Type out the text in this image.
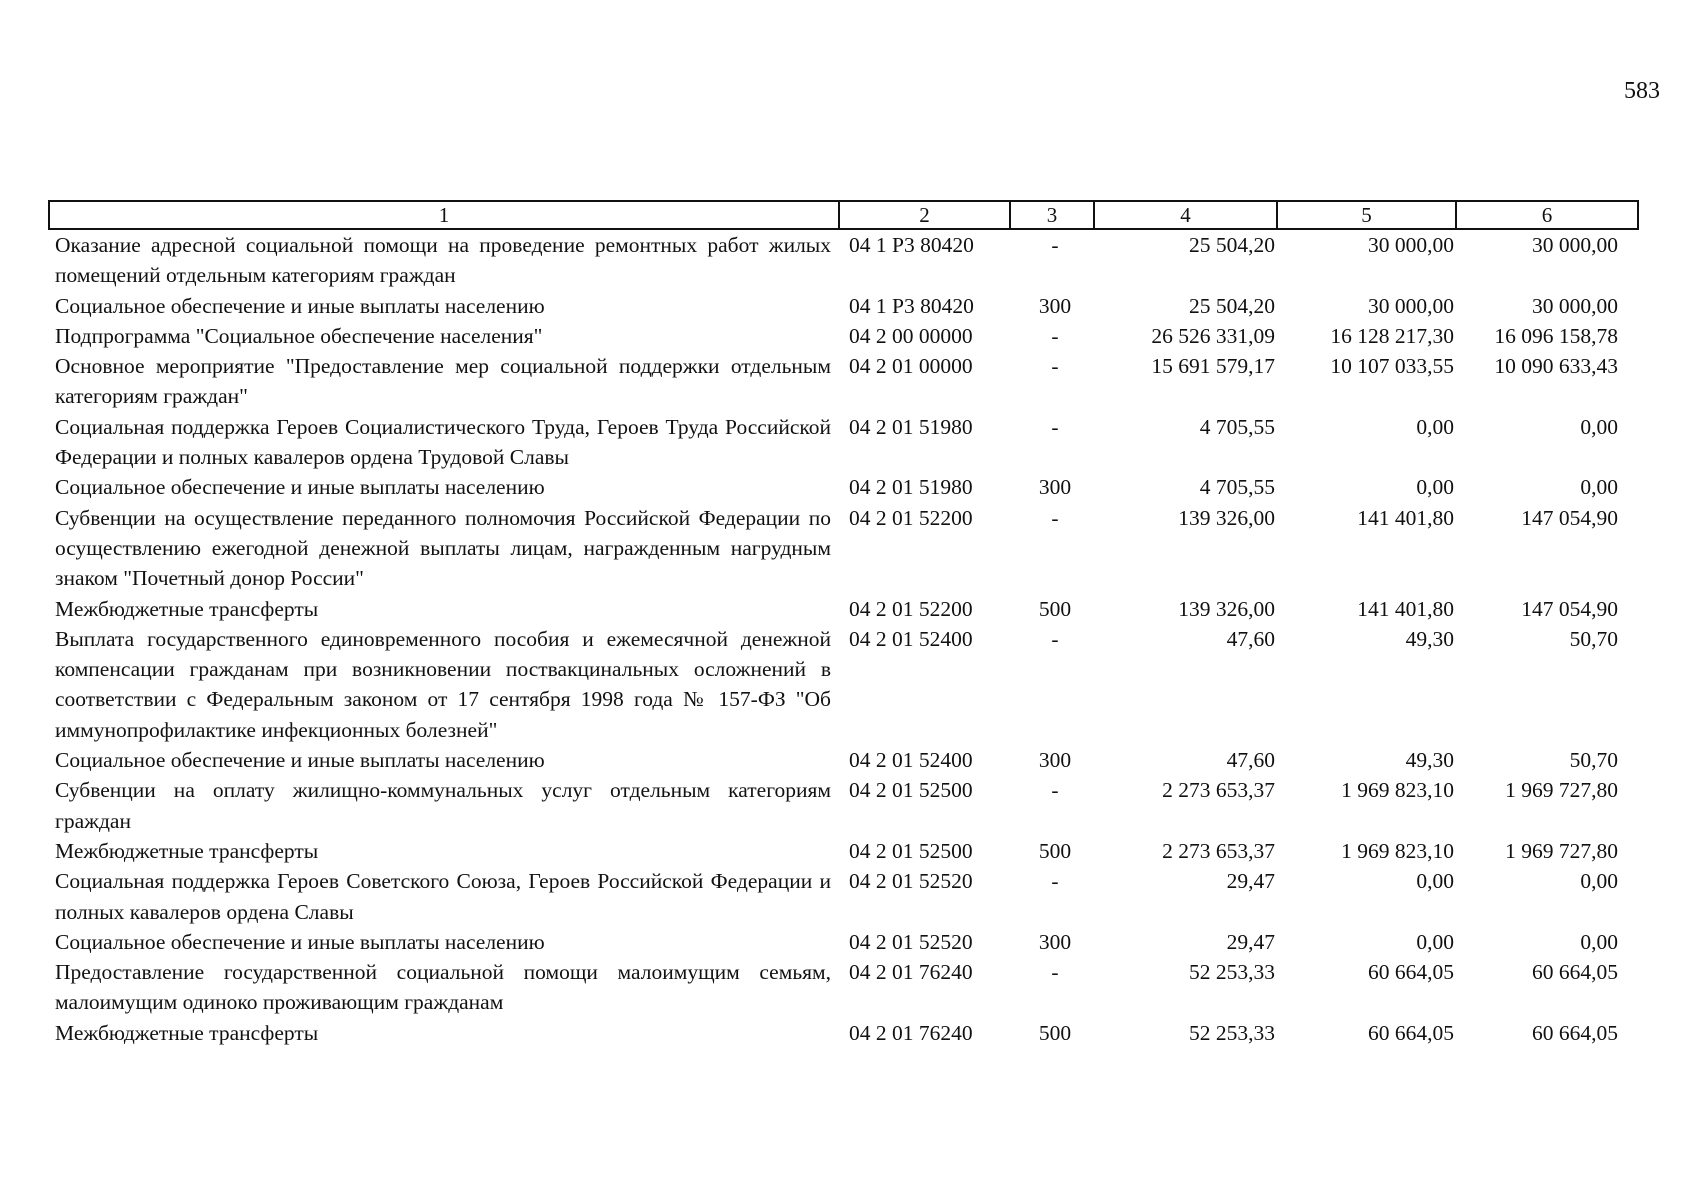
583
1	2	3	4	5	6
Оказание адресной социальной помощи на проведение ремонтных работ жилых помещений отдельным категориям граждан	04 1 P3 80420	-	25 504,20	30 000,00	30 000,00
Социальное обеспечение и иные выплаты населению	04 1 P3 80420	300	25 504,20	30 000,00	30 000,00
Подпрограмма "Социальное обеспечение населения"	04 2 00 00000	-	26 526 331,09	16 128 217,30	16 096 158,78
Основное мероприятие "Предоставление мер социальной поддержки отдельным категориям граждан"	04 2 01 00000	-	15 691 579,17	10 107 033,55	10 090 633,43
Социальная поддержка Героев Социалистического Труда, Героев Труда Российской Федерации и полных кавалеров ордена Трудовой Славы	04 2 01 51980	-	4 705,55	0,00	0,00
Социальное обеспечение и иные выплаты населению	04 2 01 51980	300	4 705,55	0,00	0,00
Субвенции на осуществление переданного полномочия Российской Федерации по осуществлению ежегодной денежной выплаты лицам, награжденным нагрудным знаком "Почетный донор России"	04 2 01 52200	-	139 326,00	141 401,80	147 054,90
Межбюджетные трансферты	04 2 01 52200	500	139 326,00	141 401,80	147 054,90
Выплата государственного единовременного пособия и ежемесячной денежной компенсации гражданам при возникновении поствакцинальных осложнений в соответствии с Федеральным законом от 17 сентября 1998 года № 157-ФЗ "Об иммунопрофилактике инфекционных болезней"	04 2 01 52400	-	47,60	49,30	50,70
Социальное обеспечение и иные выплаты населению	04 2 01 52400	300	47,60	49,30	50,70
Субвенции на оплату жилищно-коммунальных услуг отдельным категориям граждан	04 2 01 52500	-	2 273 653,37	1 969 823,10	1 969 727,80
Межбюджетные трансферты	04 2 01 52500	500	2 273 653,37	1 969 823,10	1 969 727,80
Социальная поддержка Героев Советского Союза, Героев Российской Федерации и полных кавалеров ордена Славы	04 2 01 52520	-	29,47	0,00	0,00
Социальное обеспечение и иные выплаты населению	04 2 01 52520	300	29,47	0,00	0,00
Предоставление государственной социальной помощи малоимущим семьям, малоимущим одиноко проживающим гражданам	04 2 01 76240	-	52 253,33	60 664,05	60 664,05
Межбюджетные трансферты	04 2 01 76240	500	52 253,33	60 664,05	60 664,05
